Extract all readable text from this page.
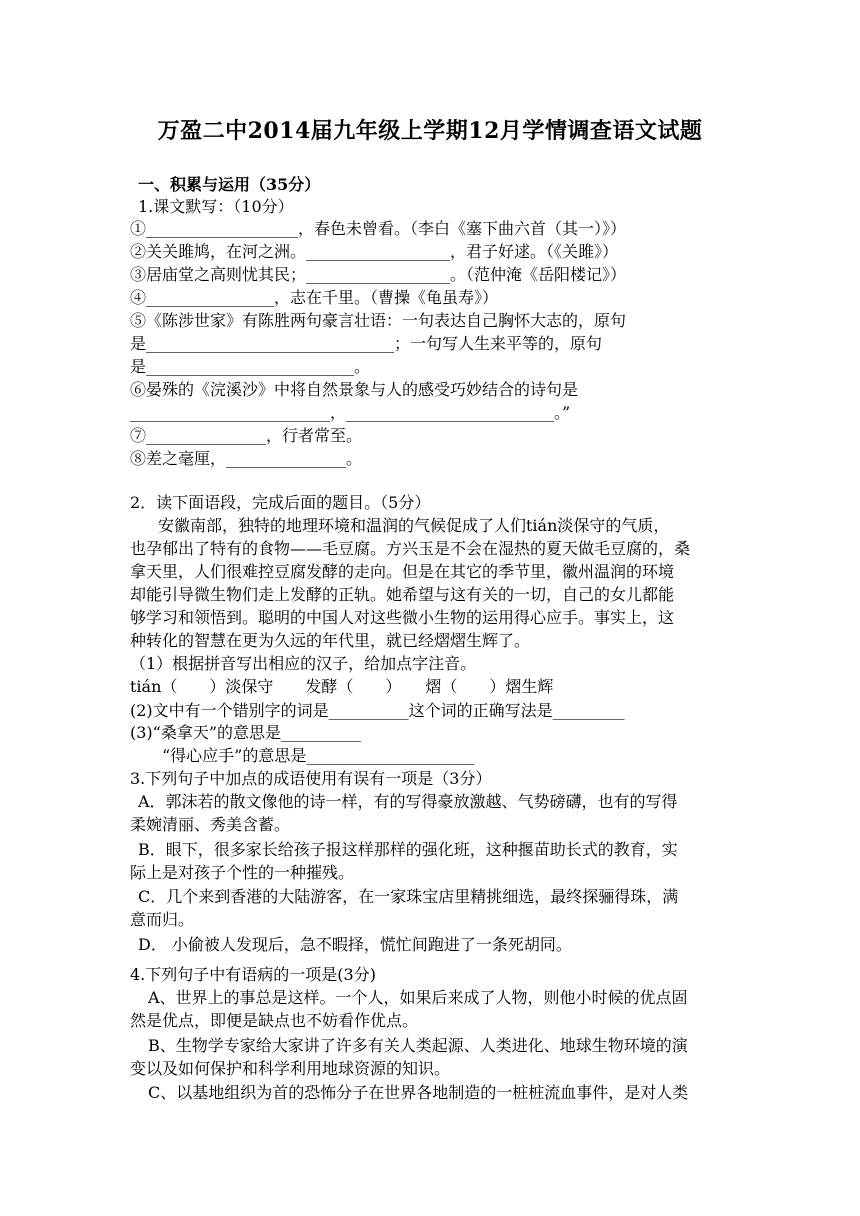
万盈二中2014届九年级上学期12月学情调查语文试题
一、积累与运用（35分）
1.课文默写：（10分）
①___________________，春色未曾看。（李白《塞下曲六首（其一）》）
②关关雎鸠，在河之洲。__________________，君子好逑。（《关雎》）
③居庙堂之高则忧其民；__________________。（范仲淹《岳阳楼记》）
④________________，志在千里。（曹操《龟虽寿》）
⑤《陈涉世家》有陈胜两句豪言壮语：一句表达自己胸怀大志的，原句
是_______________________________；一句写人生来平等的，原句
是__________________________。
⑥晏殊的《浣溪沙》中将自然景象与人的感受巧妙结合的诗句是
_________________________，__________________________。”
⑦_______________，行者常至。
⑧差之毫厘，_______________。
2．读下面语段，完成后面的题目。（5分）
安徽南部，独特的地理环境和温润的气候促成了人们tián淡保守的气质，
也孕郁出了特有的食物——毛豆腐。方兴玉是不会在湿热的夏天做毛豆腐的，桑
拿天里，人们很难控豆腐发酵的走向。但是在其它的季节里，徽州温润的环境
却能引导微生物们走上发酵的正轨。她希望与这有关的一切，自己的女儿都能
够学习和领悟到。聪明的中国人对这些微小生物的运用得心应手。事实上，这
种转化的智慧在更为久远的年代里，就已经熠熠生辉了。
（1）根据拼音写出相应的汉子，给加点字注音。
tián（　　）淡保守　　发酵（　　）　　熠（　　）熠生辉
(2)文中有一个错别字的词是__________这个词的正确写法是_________
(3)“桑拿天”的意思是__________
“得心应手”的意思是_____________________
3.下列句子中加点的成语使用有误有一项是（3分）
A．郭沫若的散文像他的诗一样，有的写得豪放激越、气势磅礴，也有的写得
柔婉清丽、秀美含蓄。
B．眼下，很多家长给孩子报这样那样的强化班，这种揠苗助长式的教育，实
际上是对孩子个性的一种摧残。
C．几个来到香港的大陆游客，在一家珠宝店里精挑细选，最终探骊得珠，满
意而归。
D． 小偷被人发现后，急不暇择，慌忙间跑进了一条死胡同。
4.下列句子中有语病的一项是(3分)
A、世界上的事总是这样。一个人，如果后来成了人物，则他小时候的优点固
然是优点，即便是缺点也不妨看作优点。
B、生物学专家给大家讲了许多有关人类起源、人类进化、地球生物环境的演
变以及如何保护和科学利用地球资源的知识。
C、以基地组织为首的恐怖分子在世界各地制造的一桩桩流血事件，是对人类
